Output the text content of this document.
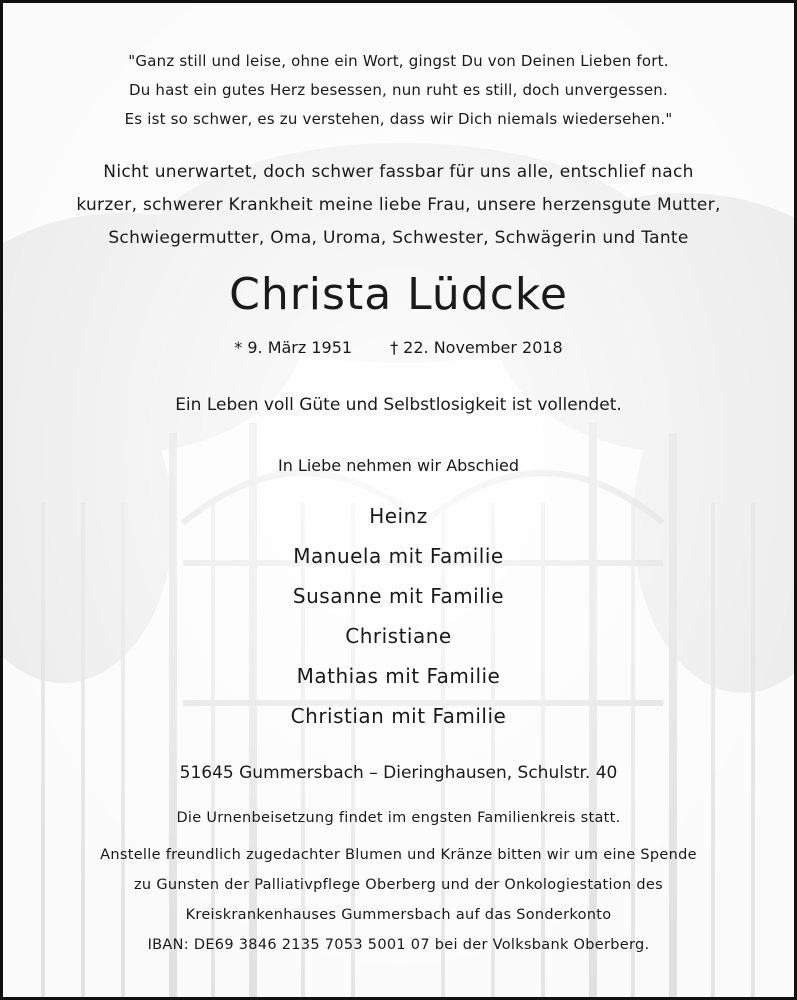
"Ganz still und leise, ohne ein Wort, gingst Du von Deinen Lieben fort.
Du hast ein gutes Herz besessen, nun ruht es still, doch unvergessen.
Es ist so schwer, es zu verstehen, dass wir Dich niemals wiedersehen."
Nicht unerwartet, doch schwer fassbar für uns alle, entschlief nach
kurzer, schwerer Krankheit meine liebe Frau, unsere herzensgute Mutter,
Schwiegermutter, Oma, Uroma, Schwester, Schwägerin und Tante
Christa Lüdcke
* 9. März 1951 † 22. November 2018
Ein Leben voll Güte und Selbstlosigkeit ist vollendet.
In Liebe nehmen wir Abschied
Heinz
Manuela mit Familie
Susanne mit Familie
Christiane
Mathias mit Familie
Christian mit Familie
51645 Gummersbach – Dieringhausen, Schulstr. 40
Die Urnenbeisetzung findet im engsten Familienkreis statt.
Anstelle freundlich zugedachter Blumen und Kränze bitten wir um eine Spende
zu Gunsten der Palliativpflege Oberberg und der Onkologiestation des
Kreiskrankenhauses Gummersbach auf das Sonderkonto
IBAN: DE69 3846 2135 7053 5001 07 bei der Volksbank Oberberg.
